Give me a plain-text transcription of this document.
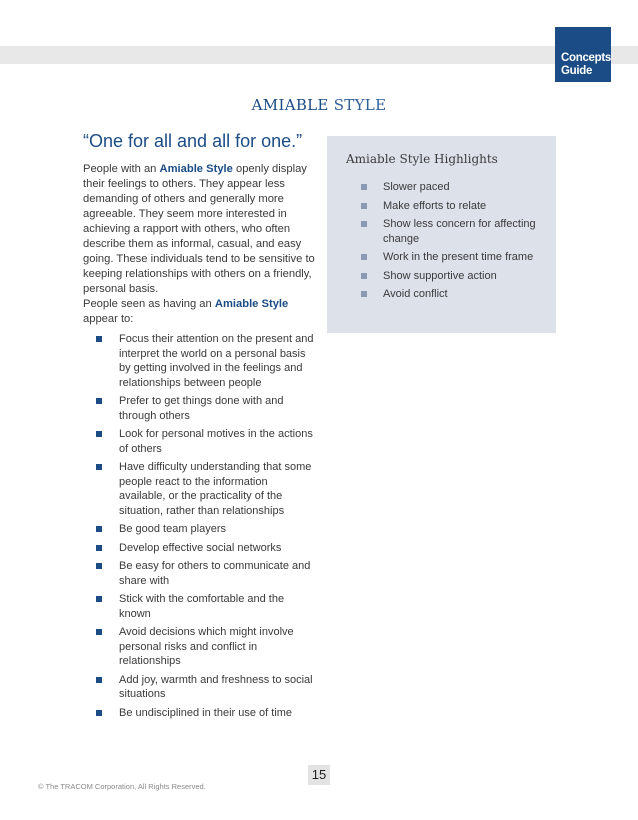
Concepts
Guide
AMIABLE STYLE
“One for all and all for one.”

People with an Amiable Style openly display their feelings to others. They appear less demanding of others and generally more agreeable. They seem more interested in achieving a rapport with others, who often describe them as informal, casual, and easy going. These individuals tend to be sensitive to keeping relationships with others on a friendly, personal basis.

People seen as having an Amiable Style appear to:

Focus their attention on the present and interpret the world on a personal basis by getting involved in the feelings and relationships between people
Prefer to get things done with and through others
Look for personal motives in the actions of others
Have difficulty understanding that some people react to the information available, or the practicality of the situation, rather than relationships
Be good team players
Develop effective social networks
Be easy for others to communicate and share with
Stick with the comfortable and the known
Avoid decisions which might involve personal risks and conflict in relationships
Add joy, warmth and freshness to social situations
Be undisciplined in their use of time
Amiable Style Highlights
Slower paced
Make efforts to relate
Show less concern for affecting change
Work in the present time frame
Show supportive action
Avoid conflict
15
© The TRACOM Corporation, All Rights Reserved.
